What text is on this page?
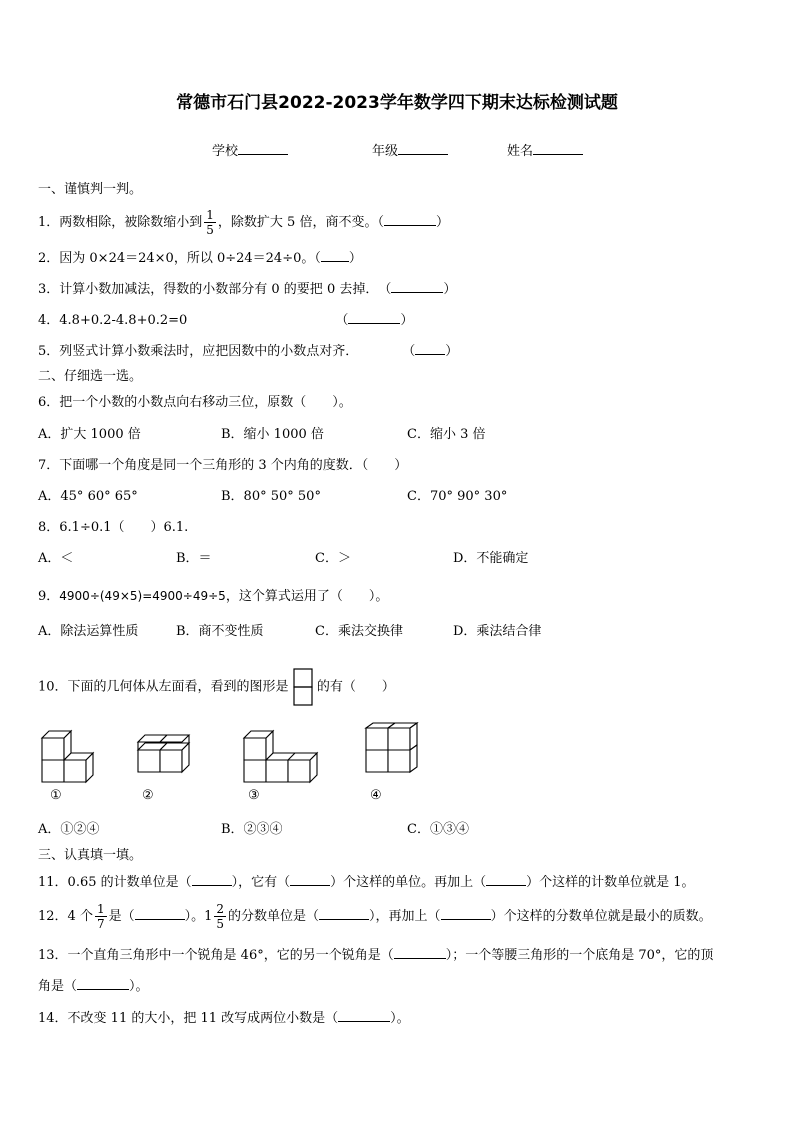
常德市石门县2022-2023学年数学四下期末达标检测试题
学校	年级	姓名
一、谨慎判一判。
1．两数相除，被除数缩小到 $\frac{1}{5}$ ，除数扩大 5 倍，商不变。（	）
2．因为 0×24＝24×0，所以 0÷24＝24÷0。（ ）
3．计算小数加减法，得数的小数部分有 0 的要把 0 去掉．　（	）
4．4.8+0.2-4.8+0.2=0	（	）
5．列竖式计算小数乘法时，应把因数中的小数点对齐．	（ ）
二、仔细选一选。
6．把一个小数的小数点向右移动三位，原数（　　）。
A．扩大 1000 倍	B．缩小 1000 倍	C．缩小 3 倍
7．下面哪一个角度是同一个三角形的 3 个内角的度数．（　　）
A．45° 60° 65°	B．80° 50° 50°	C．70° 90° 30°
8．6.1÷0.1（　　）6.1.
A．＜	B．＝	C．＞	D．不能确定
9．4900÷(49×5)=4900÷49÷5，这个算式运用了（　　）。
A．除法运算性质	B．商不变性质	C．乘法交换律	D．乘法结合律
10．下面的几何体从左面看，看到的图形是 的有（　　）
①	②	③	④
A．①②④	B．②③④	C．①③④
三、认真填一填。
11．0.65 的计数单位是（	），它有（	）个这样的单位。再加上（	）个这样的计数单位就是 1。
12．4 个 $\frac{1}{7}$ 是（	）。$1 \frac{2}{5}$ 的分数单位是（	），再加上（	）个这样的分数单位就是最小的质数。
13．一个直角三角形中一个锐角是 46°，它的另一个锐角是（	）；一个等腰三角形的一个底角是 70°，它的顶
角是（	）。
14．不改变 11 的大小，把 11 改写成两位小数是（	）。
